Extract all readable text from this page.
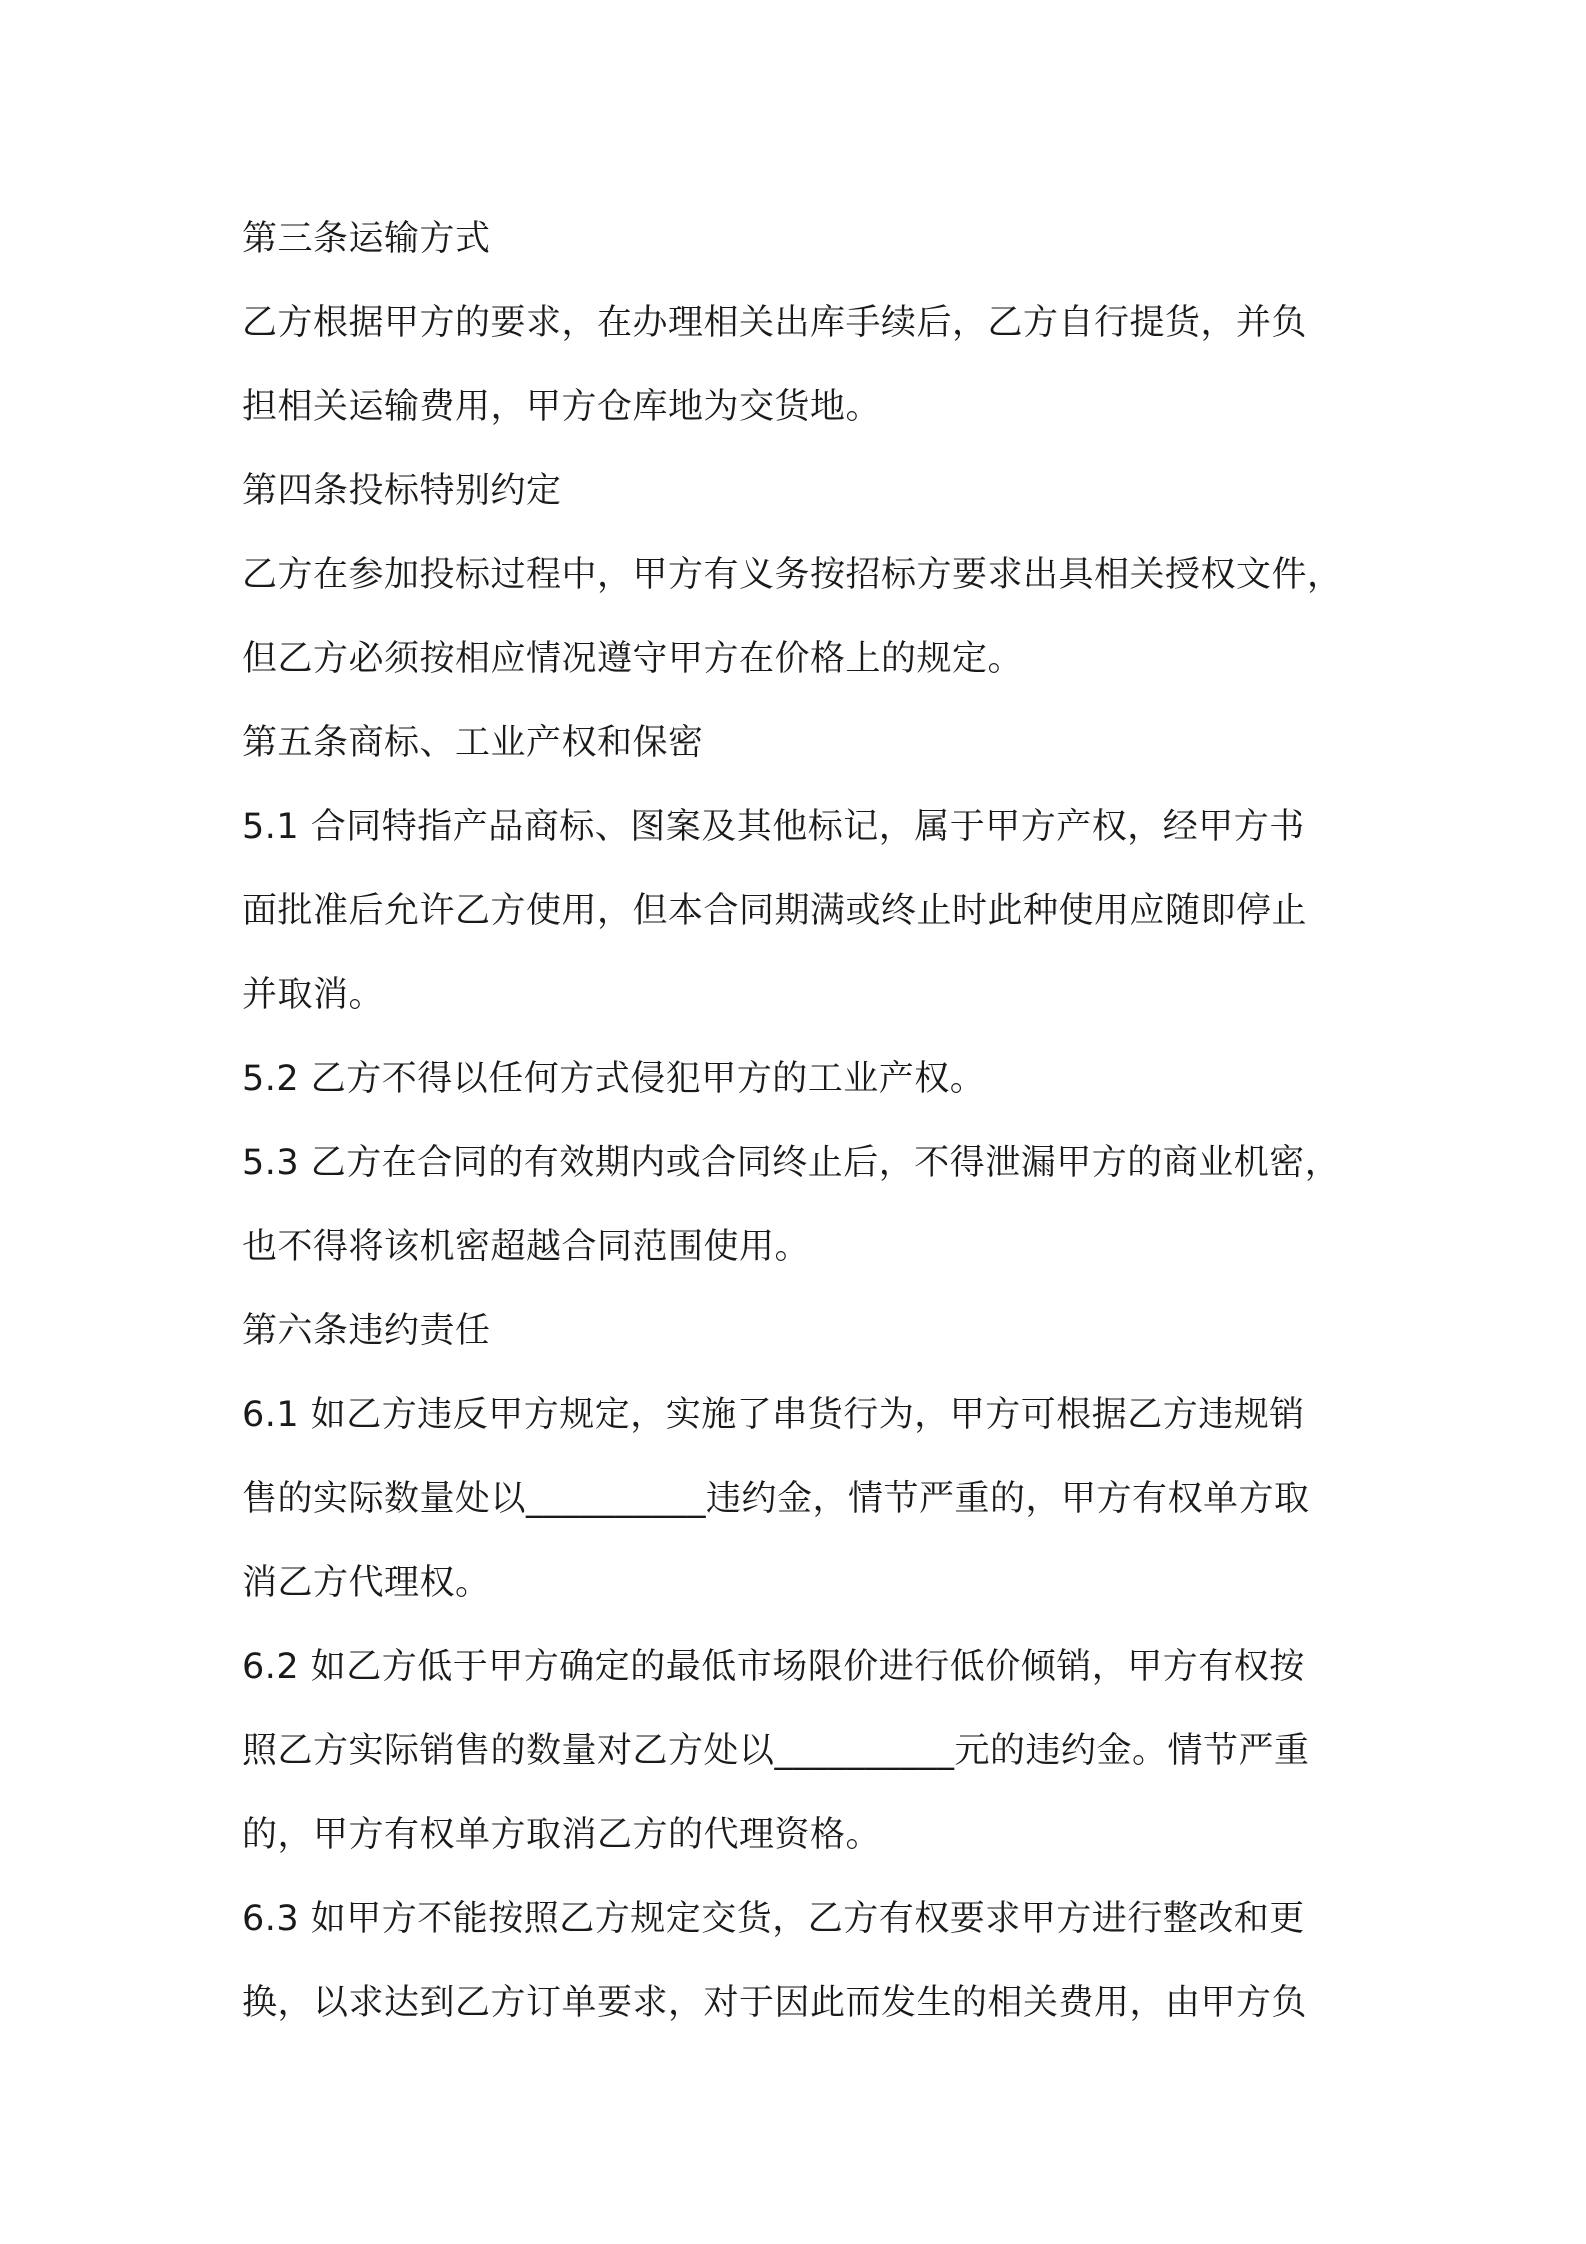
第三条运输方式

乙方根据甲方的要求，在办理相关出库手续后，乙方自行提货，并负

担相关运输费用，甲方仓库地为交货地。

第四条投标特别约定

乙方在参加投标过程中，甲方有义务按招标方要求出具相关授权文件，

但乙方必须按相应情况遵守甲方在价格上的规定。

第五条商标、工业产权和保密

5.1 合同特指产品商标、图案及其他标记，属于甲方产权，经甲方书

面批准后允许乙方使用，但本合同期满或终止时此种使用应随即停止

并取消。

5.2 乙方不得以任何方式侵犯甲方的工业产权。

5.3 乙方在合同的有效期内或合同终止后，不得泄漏甲方的商业机密，

也不得将该机密超越合同范围使用。

第六条违约责任

6.1 如乙方违反甲方规定，实施了串货行为，甲方可根据乙方违规销

售的实际数量处以__________违约金，情节严重的，甲方有权单方取

消乙方代理权。

6.2 如乙方低于甲方确定的最低市场限价进行低价倾销，甲方有权按

照乙方实际销售的数量对乙方处以__________元的违约金。情节严重

的，甲方有权单方取消乙方的代理资格。

6.3 如甲方不能按照乙方规定交货，乙方有权要求甲方进行整改和更

换，以求达到乙方订单要求，对于因此而发生的相关费用，由甲方负
